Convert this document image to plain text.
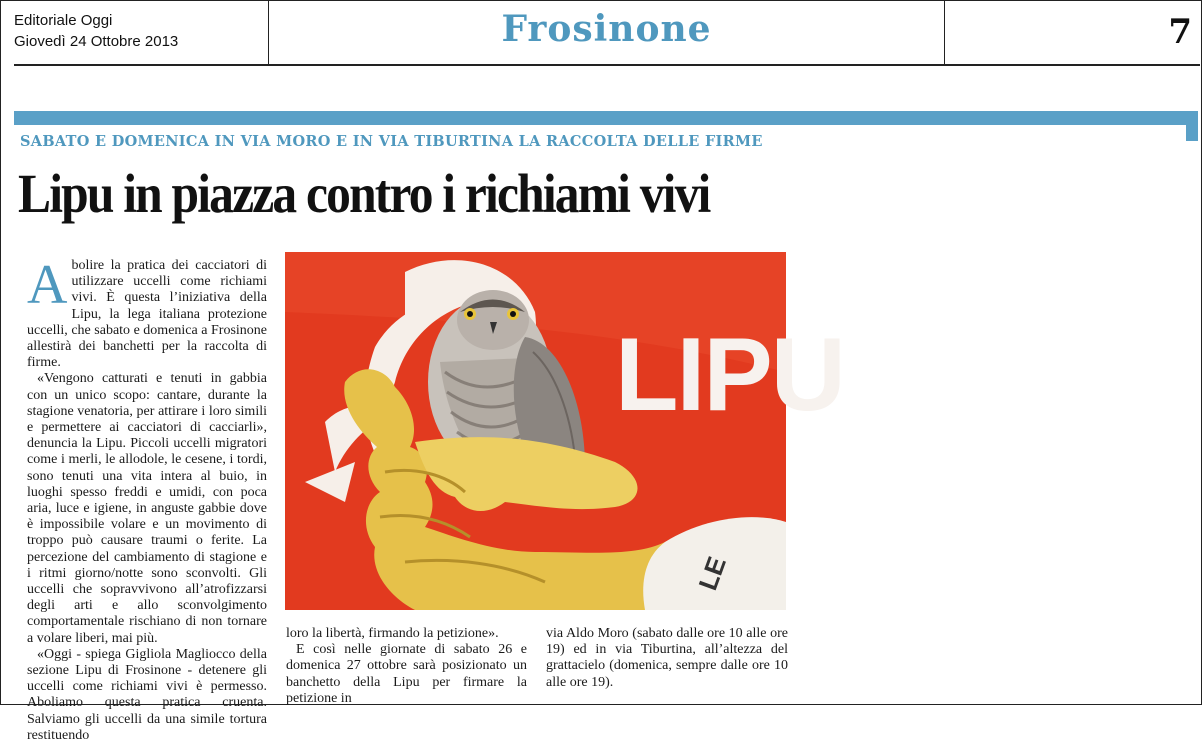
Editoriale Oggi
Giovedì 24 Ottobre 2013	Frosinone	7
SABATO E DOMENICA IN VIA MORO E IN VIA TIBURTINA LA RACCOLTA DELLE FIRME
Lipu in piazza contro i richiami vivi

Abolire la pratica dei cacciatori di utilizzare uccelli come richiami vivi. È questa l’iniziativa della Lipu, la lega italiana protezione uccelli, che sabato e domenica a Frosinone allestirà dei banchetti per la raccolta di firme.

«Vengono catturati e tenuti in gabbia con un unico scopo: cantare, durante la stagione venatoria, per attirare i loro simili e permettere ai cacciatori di cacciarli», denuncia la Lipu. Piccoli uccelli migratori come i merli, le allodole, le cesene, i tordi, sono tenuti una vita intera al buio, in luoghi spesso freddi e umidi, con poca aria, luce e igiene, in anguste gabbie dove è impossibile volare e un movimento di troppo può causare traumi o ferite. La percezione del cambiamento di stagione e i ritmi giorno/notte sono sconvolti. Gli uccelli che sopravvivono all’atrofizzarsi degli arti e allo sconvolgimento comportamentale rischiano di non tornare a volare liberi, mai più.

«Oggi - spiega Gigliola Magliocco della sezione Lipu di Frosinone - detenere gli uccelli come richiami vivi è permesso. Aboliamo questa pratica cruenta. Salviamo gli uccelli da una simile tortura restituendo

LIPU
LE

loro la libertà, firmando la petizione».

E così nelle giornate di sabato 26 e domenica 27 ottobre sarà posizionato un banchetto della Lipu per firmare la petizione in

via Aldo Moro (sabato dalle ore 10 alle ore 19) ed in via Tiburtina, all’altezza del grattacielo (domenica, sempre dalle ore 10 alle ore 19).
